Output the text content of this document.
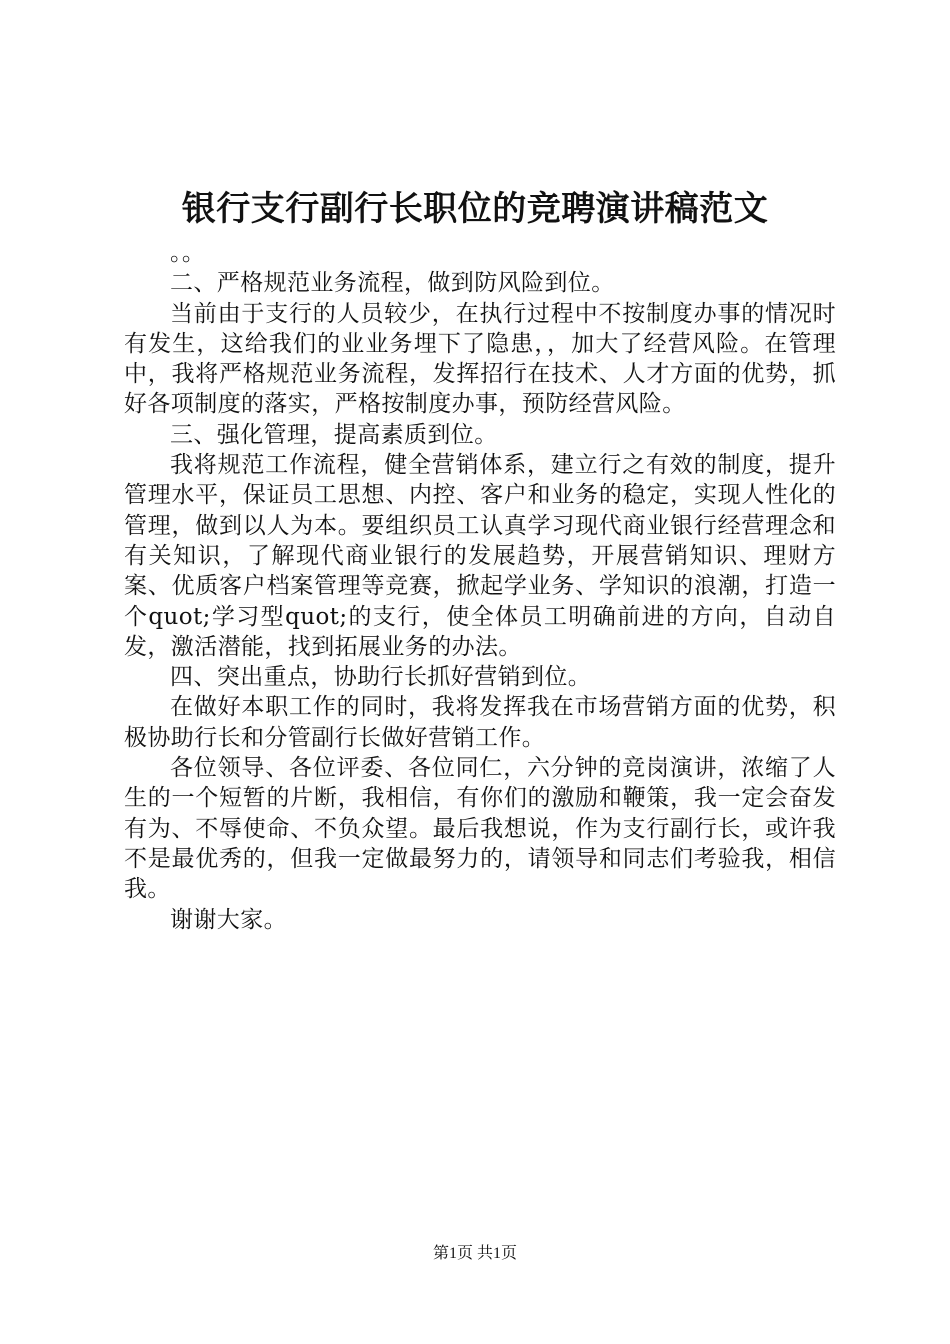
银行支行副行长职位的竞聘演讲稿范文

。。

二、严格规范业务流程，做到防风险到位。

当前由于支行的人员较少，在执行过程中不按制度办事的情况时有发生，这给我们的业业务埋下了隐患，，加大了经营风险。在管理中，我将严格规范业务流程，发挥招行在技术、人才方面的优势，抓好各项制度的落实，严格按制度办事，预防经营风险。

三、强化管理，提高素质到位。

我将规范工作流程，健全营销体系，建立行之有效的制度，提升管理水平，保证员工思想、内控、客户和业务的稳定，实现人性化的管理，做到以人为本。要组织员工认真学习现代商业银行经营理念和有关知识，了解现代商业银行的发展趋势，开展营销知识、理财方案、优质客户档案管理等竞赛，掀起学业务、学知识的浪潮，打造一个quot;学习型quot;的支行，使全体员工明确前进的方向，自动自发，激活潜能，找到拓展业务的办法。

四、突出重点，协助行长抓好营销到位。

在做好本职工作的同时，我将发挥我在市场营销方面的优势，积极协助行长和分管副行长做好营销工作。

各位领导、各位评委、各位同仁，六分钟的竞岗演讲，浓缩了人生的一个短暂的片断，我相信，有你们的激励和鞭策，我一定会奋发有为、不辱使命、不负众望。最后我想说，作为支行副行长，或许我不是最优秀的，但我一定做最努力的，请领导和同志们考验我，相信我。

谢谢大家。

第1页 共1页
